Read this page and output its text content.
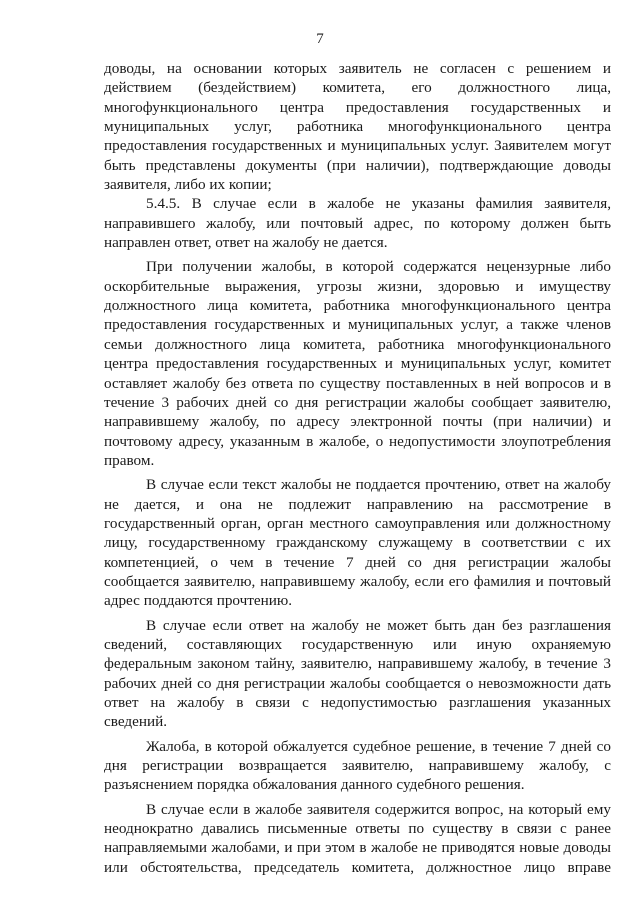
7

доводы, на основании которых заявитель не согласен с решением и действием (бездействием) комитета, его должностного лица, многофункционального центра предоставления государственных и муниципальных услуг, работника многофункционального центра предоставления государственных и муниципальных услуг. Заявителем могут быть представлены документы (при наличии), подтверждающие доводы заявителя, либо их копии;

5.4.5. В случае если в жалобе не указаны фамилия заявителя, направившего жалобу, или почтовый адрес, по которому должен быть направлен ответ, ответ на жалобу не дается.

При получении жалобы, в которой содержатся нецензурные либо оскорбительные выражения, угрозы жизни, здоровью и имуществу должностного лица комитета, работника многофункционального центра предоставления государственных и муниципальных услуг, а также членов семьи должностного лица комитета, работника многофункционального центра предоставления государственных и муниципальных услуг, комитет оставляет жалобу без ответа по существу поставленных в ней вопросов и в течение 3 рабочих дней со дня регистрации жалобы сообщает заявителю, направившему жалобу, по адресу электронной почты (при наличии) и почтовому адресу, указанным в жалобе, о недопустимости злоупотребления правом.

В случае если текст жалобы не поддается прочтению, ответ на жалобу не дается, и она не подлежит направлению на рассмотрение в государственный орган, орган местного самоуправления или должностному лицу, государственному гражданскому служащему в соответствии с их компетенцией, о чем в течение 7 дней со дня регистрации жалобы сообщается заявителю, направившему жалобу, если его фамилия и почтовый адрес поддаются прочтению.

В случае если ответ на жалобу не может быть дан без разглашения сведений, составляющих государственную или иную охраняемую федеральным законом тайну, заявителю, направившему жалобу, в течение 3 рабочих дней со дня регистрации жалобы сообщается о невозможности дать ответ на жалобу в связи с недопустимостью разглашения указанных сведений.

Жалоба, в которой обжалуется судебное решение, в течение 7 дней со дня регистрации возвращается заявителю, направившему жалобу, с разъяснением порядка обжалования данного судебного решения.

В случае если в жалобе заявителя содержится вопрос, на который ему неоднократно давались письменные ответы по существу в связи с ранее направляемыми жалобами, и при этом в жалобе не приводятся новые доводы или обстоятельства, председатель комитета, должностное лицо вправе
